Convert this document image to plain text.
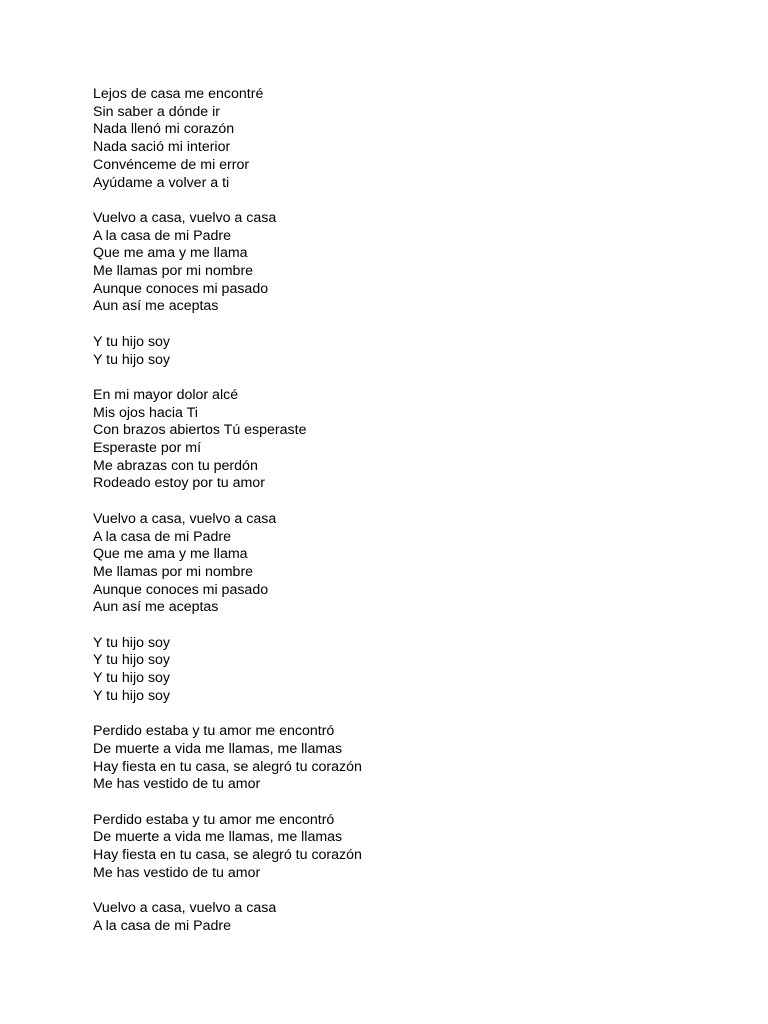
Lejos de casa me encontré
Sin saber a dónde ir
Nada llenó mi corazón
Nada sació mi interior
Convénceme de mi error
Ayúdame a volver a ti
Vuelvo a casa, vuelvo a casa
A la casa de mi Padre
Que me ama y me llama
Me llamas por mi nombre
Aunque conoces mi pasado
Aun así me aceptas
Y tu hijo soy
Y tu hijo soy
En mi mayor dolor alcé
Mis ojos hacia Ti
Con brazos abiertos Tú esperaste
Esperaste por mí
Me abrazas con tu perdón
Rodeado estoy por tu amor
Vuelvo a casa, vuelvo a casa
A la casa de mi Padre
Que me ama y me llama
Me llamas por mi nombre
Aunque conoces mi pasado
Aun así me aceptas
Y tu hijo soy
Y tu hijo soy
Y tu hijo soy
Y tu hijo soy
Perdido estaba y tu amor me encontró
De muerte a vida me llamas, me llamas
Hay fiesta en tu casa, se alegró tu corazón
Me has vestido de tu amor
Perdido estaba y tu amor me encontró
De muerte a vida me llamas, me llamas
Hay fiesta en tu casa, se alegró tu corazón
Me has vestido de tu amor
Vuelvo a casa, vuelvo a casa
A la casa de mi Padre
